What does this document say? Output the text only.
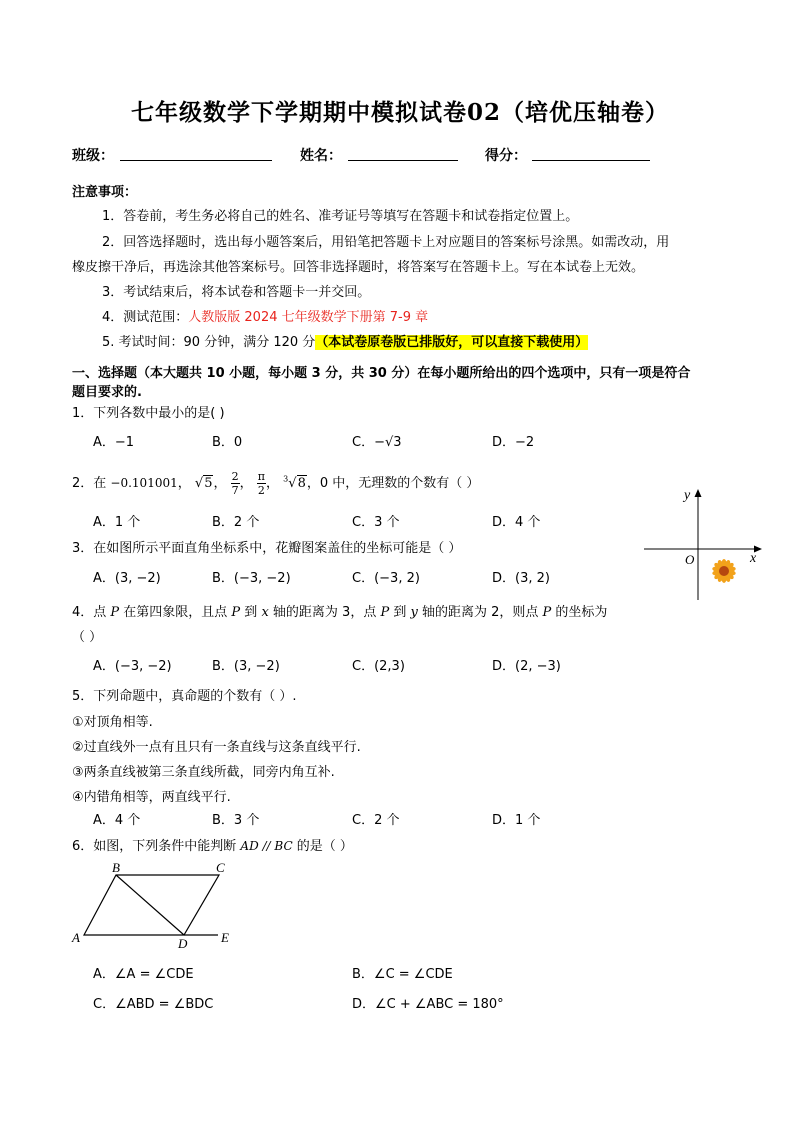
七年级数学下学期期中模拟试卷02（培优压轴卷）
班级：	姓名：	得分：
注意事项：
1．答卷前，考生务必将自己的姓名、准考证号等填写在答题卡和试卷指定位置上。
2．回答选择题时，选出每小题答案后，用铅笔把答题卡上对应题目的答案标号涂黑。如需改动，用
橡皮擦干净后，再选涂其他答案标号。回答非选择题时，将答案写在答题卡上。写在本试卷上无效。
3．考试结束后，将本试卷和答题卡一并交回。
4．测试范围：人教版版 2024 七年级数学下册第 7-9 章
5. 考试时间：90 分钟，满分 120 分（本试卷原卷版已排版好，可以直接下载使用）
一、选择题（本大题共 10 小题，每小题 3 分，共 30 分）在每小题所给出的四个选项中，只有一项是符合
题目要求的.
1．下列各数中最小的是( )
A．−1	B．0	C．−√3	D．−2
2．在 −0.101001， √5， $\frac{2}{7}$ ， $\frac{\pi}{2}$ ， $^3$√8，0 中，无理数的个数有（ ）
A．1 个	B．2 个	C．3 个	D．4 个
3．在如图所示平面直角坐标系中，花瓣图案盖住的坐标可能是（ ）
A．(3, −2)	B．(−3, −2)	C．(−3, 2)	D．(3, 2)
x
y
O
4．点 P 在第四象限，且点 P 到 x 轴的距离为 3，点 P 到 y 轴的距离为 2，则点 P 的坐标为
（ ）
A．(−3, −2)	B．(3, −2)	C．(2,3)	D．(2, −3)
5．下列命题中，真命题的个数有（ ）.
①对顶角相等.
②过直线外一点有且只有一条直线与这条直线平行.
③两条直线被第三条直线所截，同旁内角互补.
④内错角相等，两直线平行.
A．4 个	B．3 个	C．2 个	D．1 个
6．如图，下列条件中能判断 AD // BC 的是（ ）
A．∠A = ∠CDE	B．∠C = ∠CDE
C．∠ABD = ∠BDC	D．∠C + ∠ABC = 180°
B	C
A	D	E
